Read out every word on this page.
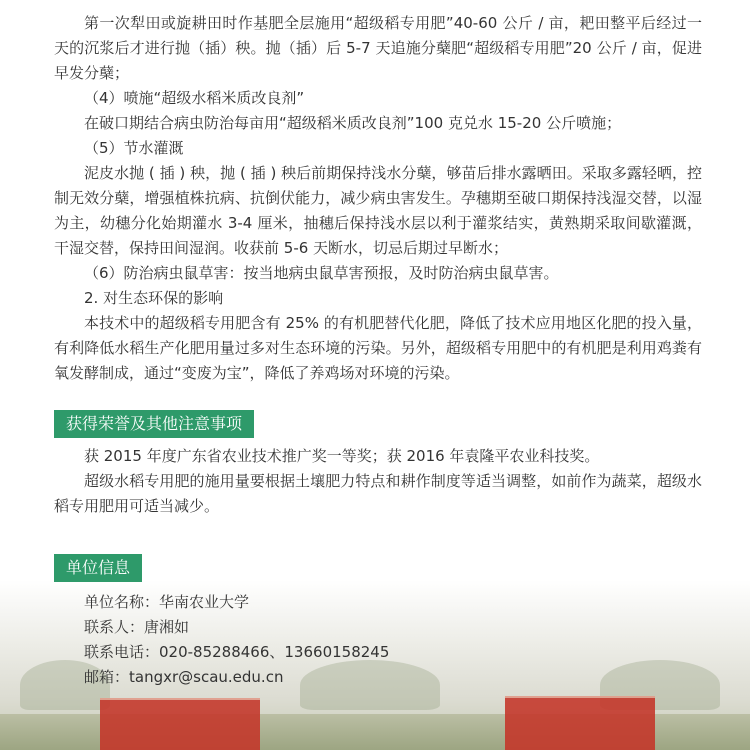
第一次犁田或旋耕田时作基肥全层施用“超级稻专用肥”40-60 公斤 / 亩，耙田整平后经过一天的沉浆后才进行抛（插）秧。抛（插）后 5-7 天追施分蘖肥“超级稻专用肥”20 公斤 / 亩，促进早发分蘖；

（4）喷施“超级水稻米质改良剂”

在破口期结合病虫防治每亩用“超级稻米质改良剂”100 克兑水 15-20 公斤喷施；

（5）节水灌溉

泥皮水抛 ( 插 ) 秧，抛 ( 插 ) 秧后前期保持浅水分蘖，够苗后排水露晒田。采取多露轻晒，控制无效分蘖，增强植株抗病、抗倒伏能力，减少病虫害发生。孕穗期至破口期保持浅湿交替，以湿为主，幼穗分化始期灌水 3-4 厘米，抽穗后保持浅水层以利于灌浆结实，黄熟期采取间歇灌溉，干湿交替，保持田间湿润。收获前 5-6 天断水，切忌后期过早断水；

（6）防治病虫鼠草害：按当地病虫鼠草害预报，及时防治病虫鼠草害。

2. 对生态环保的影响

本技术中的超级稻专用肥含有 25% 的有机肥替代化肥，降低了技术应用地区化肥的投入量，有利降低水稻生产化肥用量过多对生态环境的污染。另外，超级稻专用肥中的有机肥是利用鸡粪有氧发酵制成，通过“变废为宝”，降低了养鸡场对环境的污染。

获得荣誉及其他注意事项

获 2015 年度广东省农业技术推广奖一等奖；获 2016 年袁隆平农业科技奖。

超级水稻专用肥的施用量要根据土壤肥力特点和耕作制度等适当调整，如前作为蔬菜，超级水稻专用肥用可适当减少。

单位信息

单位名称：华南农业大学

联系人：唐湘如

联系电话：020-85288466、13660158245

邮箱：tangxr@scau.edu.cn
